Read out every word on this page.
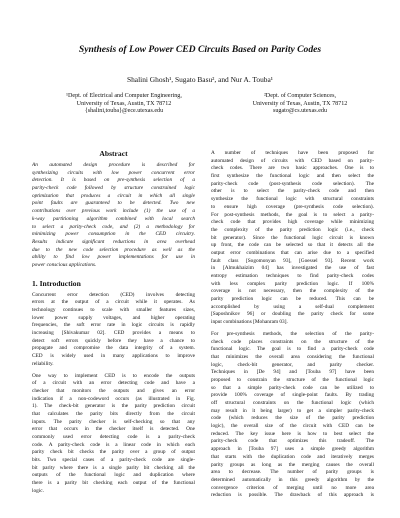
Synthesis of Low Power CED Circuits Based on Parity Codes
Shalini Ghosh¹, Sugato Basu², and Nur A. Touba¹
¹Dept. of Electrical and Computer Engineering,
University of Texas, Austin, TX 78712
{shalini,touba}@ece.utexas.edu
²Dept. of Computer Sciences,
University of Texas, Austin, TX 78712
sugato@cs.utexas.edu
Abstract
An automated design procedure is described for
synthesizing circuits with low power concurrent error
detection. It is based on pre-synthesis selection of a
parity-check code followed by structure constrained logic
optimization that produces a circuit in which all single
point faults are guaranteed to be detected. Two new
contributions over previous work include (1) the use of a
k-way partitioning algorithm combined with local search
to select a parity-check code, and (2) a methodology for
minimizing power consumption in the CED circuitry.
Results indicate significant reductions in area overhead
due to the new code selection procedure as well as the
ability to find low power implementations for use in
power conscious applications.
1. Introduction
Concurrent error detection (CED) involves detecting
errors at the output of a circuit while it operates. As
technology continues to scale with smaller features sizes,
lower power supply voltages, and higher operating
frequencies, the soft error rate in logic circuits is rapidly
increasing [Shivakumar 02]. CED provides a means to
detect soft errors quickly before they have a chance to
propagate and compromise the data integrity of a system.
CED is widely used in many applications to improve
reliability.
One way to implement CED is to encode the outputs
of a circuit with an error detecting code and have a
checker that monitors the outputs and gives an error
indication if a non-codeword occurs (as illustrated in Fig.
1). The check-bit generator is the parity prediction circuit
that calculates the parity bits directly from the circuit
inputs. The parity checker is self-checking so that any
error that occurs in the checker itself is detected. One
commonly used error detecting code is a parity-check
code. A parity-check code is a linear code in which each
parity check bit checks the parity over a group of output
bits. Two special cases of a parity-check code are single-
bit parity where there is a single parity bit checking all the
outputs of the functional logic and duplication where
there is a parity bit checking each output of the functional
logic.
A number of techniques have been proposed for
automated design of circuits with CED based on parity-
check codes. There are two basic approaches. One is to
first synthesize the functional logic and then select the
parity-check code (post-synthesis code selection). The
other is to select the parity-check code and then
synthesize the functional logic with structural constraints
to ensure high coverage (pre-synthesis code selection).
For post-synthesis methods, the goal is to select a parity-
check code that provides high coverage while minimizing
the complexity of the parity prediction logic (i.e., check
bit generator). Since the functional logic circuit is known
up front, the code can be selected so that it detects all the
output error combinations that can arise due to a specified
fault class [Sogomonyan 93], [Goessel 93]. Recent work
in [Almukhaizim 04] has investigated the use of fast
entropy estimation techniques to find parity-check codes
with less complex parity prediction logic. If 100%
coverage is not necessary, then the complexity of the
parity prediction logic can be reduced. This can be
accomplished by using a self-dual complement
[Saposhnikov 96] or doubling the parity check for some
input combinations [Mohanram 03].
For pre-synthesis methods, the selection of the parity-
check code places constraints on the structure of the
functional logic. The goal is to find a parity-check code
that minimizes the overall area considering the functional
logic, check-bit generator, and parity checker.
Techniques in [De 94] and [Touba 97] have been
proposed to constrain the structure of the functional logic
so that a simple parity-check code can be utilized to
provide 100% coverage of single-point faults. By trading
off structural constraints on the functional logic (which
may result in it being larger) to get a simpler parity-check
code (which reduces the size of the parity prediction
logic), the overall size of the circuit with CED can be
reduced. The key issue here is how to best select the
parity-check code that optimizes this tradeoff. The
approach in [Touba 97] uses a simple greedy algorithm
that starts with the duplication code and iteratively merges
parity groups as long as the merging causes the overall
area to decrease. The number of parity groups is
determined automatically in this greedy algorithm by the
convergence criterion of merging until no more area
reduction is possible. The drawback of this approach is
